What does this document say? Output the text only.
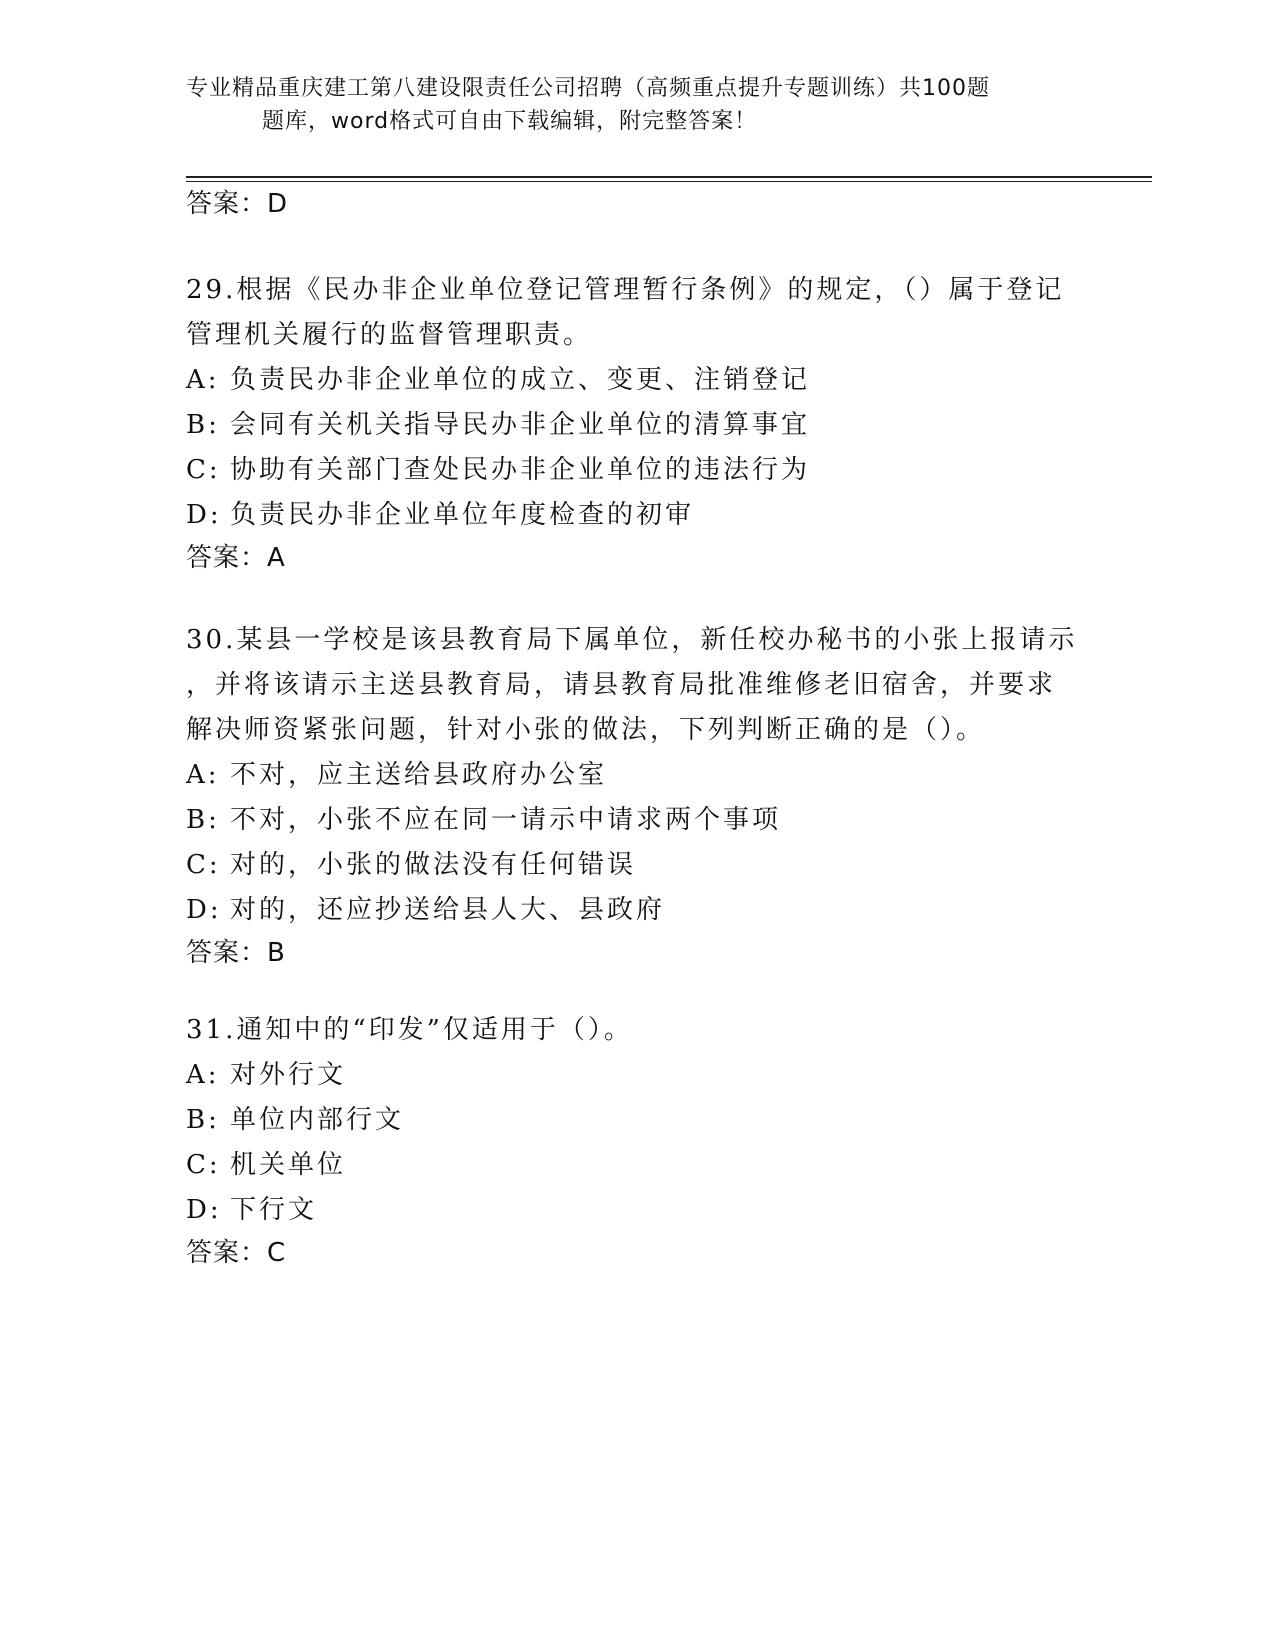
专业精品重庆建工第八建设限责任公司招聘（高频重点提升专题训练）共100题
题库，word格式可自由下载编辑，附完整答案！
答案：D
29.根据《民办非企业单位登记管理暂行条例》的规定，（）属于登记
管理机关履行的监督管理职责。
A: 负责民办非企业单位的成立、变更、注销登记
B: 会同有关机关指导民办非企业单位的清算事宜
C: 协助有关部门查处民办非企业单位的违法行为
D: 负责民办非企业单位年度检查的初审
答案：A
30.某县一学校是该县教育局下属单位，新任校办秘书的小张上报请示
，并将该请示主送县教育局，请县教育局批准维修老旧宿舍，并要求
解决师资紧张问题，针对小张的做法，下列判断正确的是（）。
A: 不对，应主送给县政府办公室
B: 不对，小张不应在同一请示中请求两个事项
C: 对的，小张的做法没有任何错误
D: 对的，还应抄送给县人大、县政府
答案：B
31.通知中的“印发”仅适用于（）。
A: 对外行文
B: 单位内部行文
C: 机关单位
D: 下行文
答案：C
